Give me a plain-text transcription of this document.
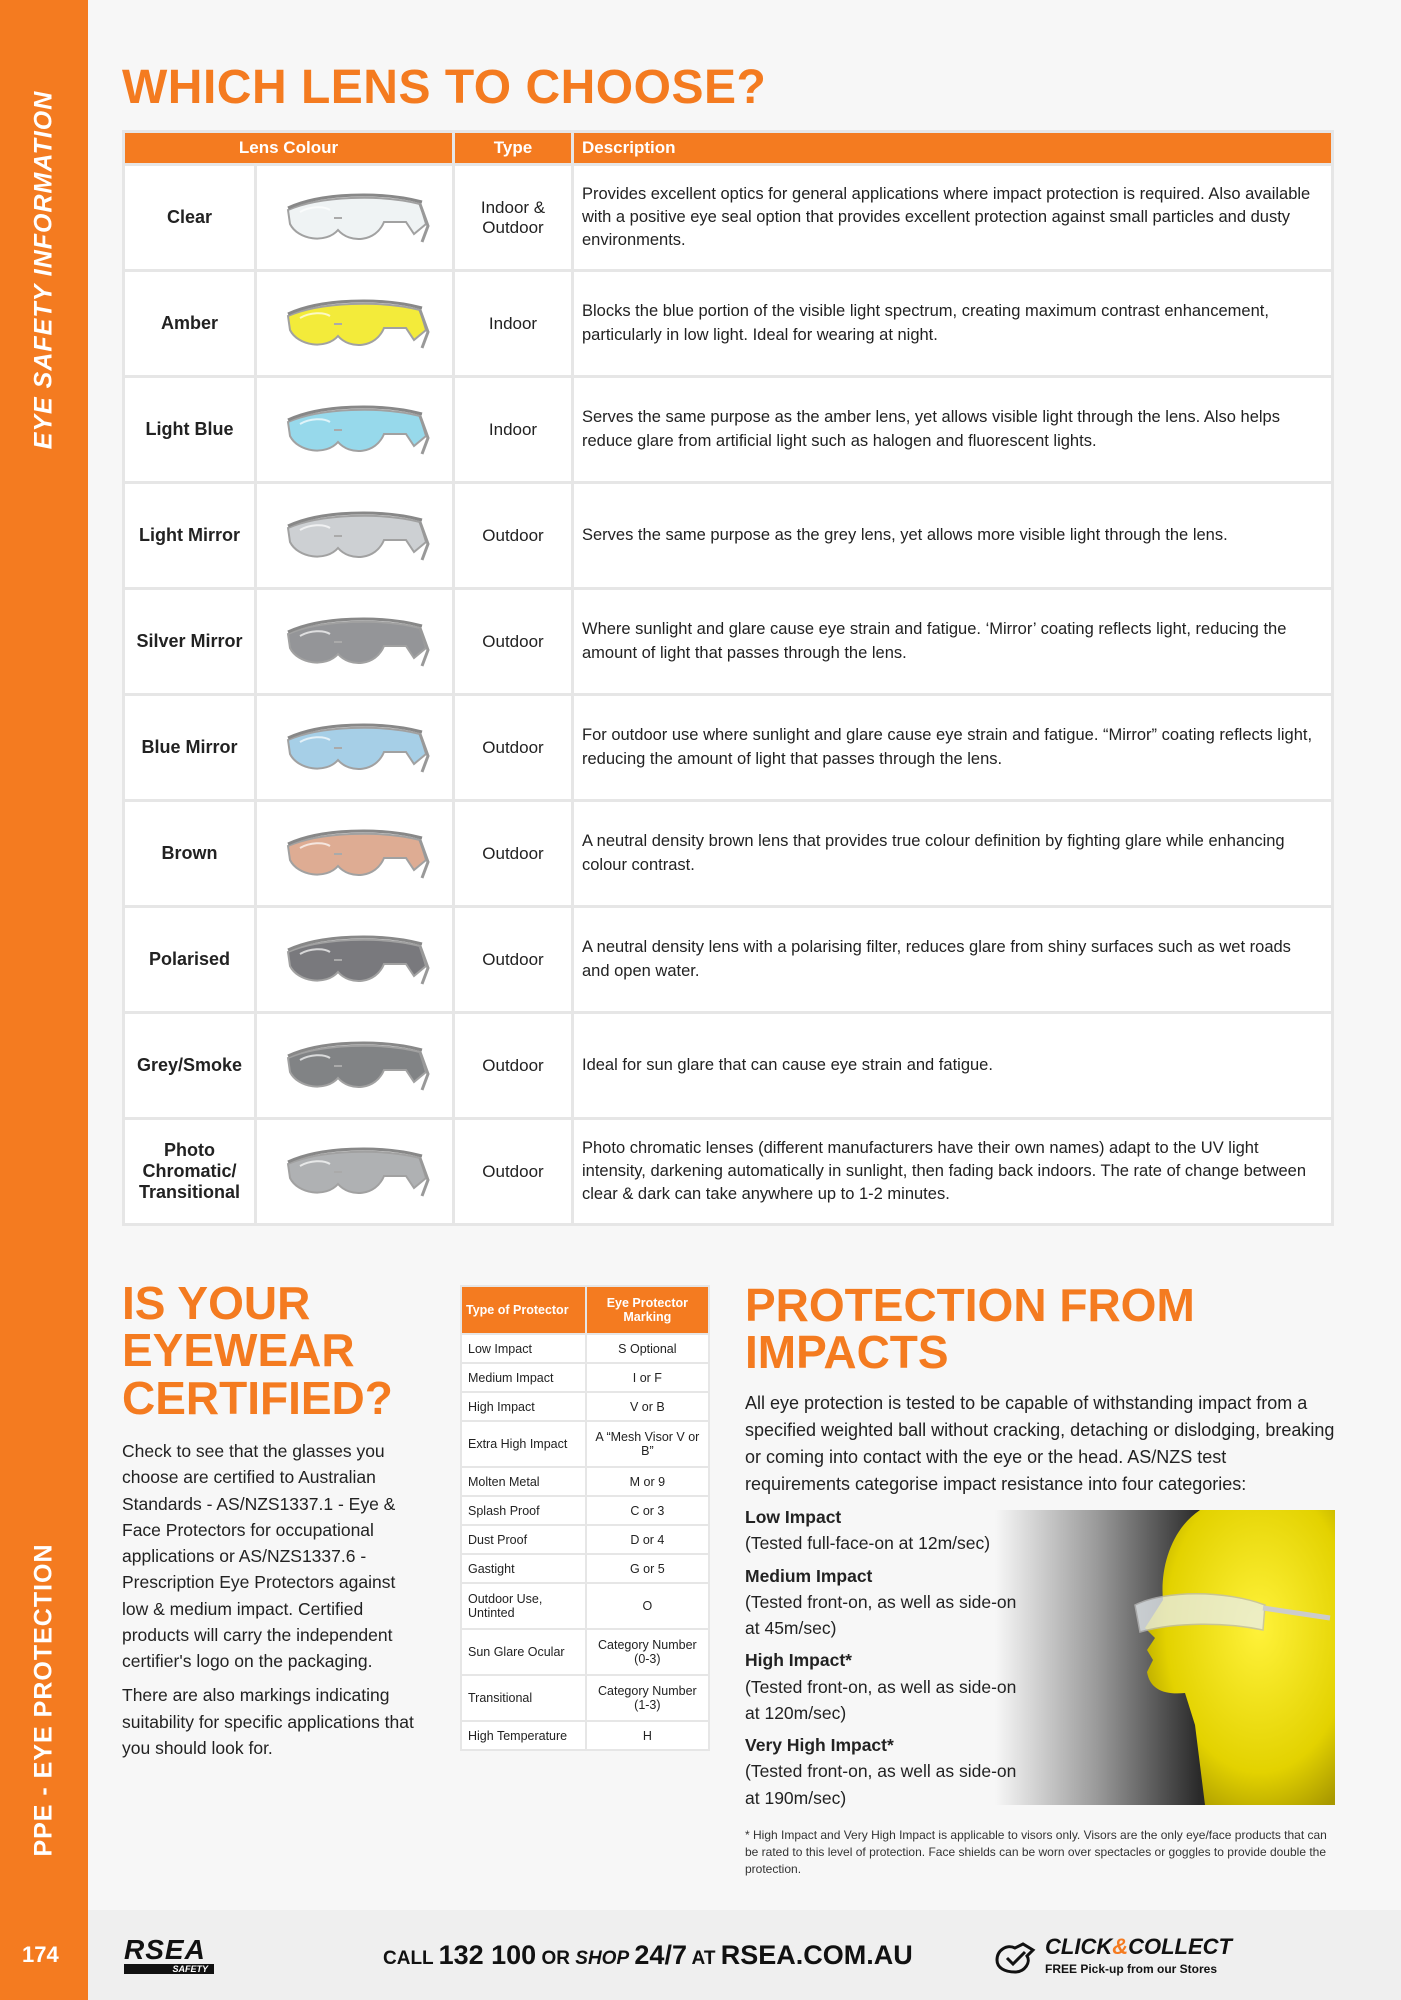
EYE SAFETY INFORMATION
PPE - EYE PROTECTION
174
WHICH LENS TO CHOOSE?
Lens Colour		Type	Description
Clear		Indoor & Outdoor	Provides excellent optics for general applications where impact protection is required. Also available with a positive eye seal option that provides excellent protection against small particles and dusty environments.
Amber		Indoor	Blocks the blue portion of the visible light spectrum, creating maximum contrast enhancement, particularly in low light. Ideal for wearing at night.
Light Blue		Indoor	Serves the same purpose as the amber lens, yet allows visible light through the lens. Also helps reduce glare from artificial light such as halogen and fluorescent lights.
Light Mirror		Outdoor	Serves the same purpose as the grey lens, yet allows more visible light through the lens.
Silver Mirror		Outdoor	Where sunlight and glare cause eye strain and fatigue. ‘Mirror’ coating reflects light, reducing the amount of light that passes through the lens.
Blue Mirror		Outdoor	For outdoor use where sunlight and glare cause eye strain and fatigue. “Mirror” coating reflects light, reducing the amount of light that passes through the lens.
Brown		Outdoor	A neutral density brown lens that provides true colour definition by fighting glare while enhancing colour contrast.
Polarised		Outdoor	A neutral density lens with a polarising filter, reduces glare from shiny surfaces such as wet roads and open water.
Grey/Smoke		Outdoor	Ideal for sun glare that can cause eye strain and fatigue.
Photo Chromatic/ Transitional		Outdoor	Photo chromatic lenses (different manufacturers have their own names) adapt to the UV light intensity, darkening automatically in sunlight, then fading back indoors. The rate of change between clear & dark can take anywhere up to 1-2 minutes.
IS YOUR
EYEWEAR
CERTIFIED?

Check to see that the glasses you choose are certified to Australian Standards - AS/NZS1337.1 - Eye & Face Protectors for occupational applications or AS/NZS1337.6 - Prescription Eye Protectors against low & medium impact. Certified products will carry the independent certifier's logo on the packaging.

There are also markings indicating suitability for specific applications that you should look for.

Type of Protector	Eye Protector Marking
Low Impact	S Optional
Medium Impact	I or F
High Impact	V or B
Extra High Impact	A “Mesh Visor V or B”
Molten Metal	M or 9
Splash Proof	C or 3
Dust Proof	D or 4
Gastight	G or 5
Outdoor Use, Untinted	O
Sun Glare Ocular	Category Number (0-3)
Transitional	Category Number (1-3)
High Temperature	H
PROTECTION FROM
IMPACTS
All eye protection is tested to be capable of withstanding impact from a specified weighted ball without cracking, detaching or dislodging, breaking or coming into contact with the eye or the head. AS/NZS test requirements categorise impact resistance into four categories:
Low Impact
(Tested full-face-on at 12m/sec)
Medium Impact
(Tested front-on, as well as side-on at 45m/sec)
High Impact*
(Tested front-on, as well as side-on at 120m/sec)
Very High Impact*
(Tested front-on, as well as side-on at 190m/sec)
* High Impact and Very High Impact is applicable to visors only. Visors are the only eye/face products that can be rated to this level of protection. Face shields can be worn over spectacles or goggles to provide double the protection.
RSEA
SAFETY	CALL 132 100 OR SHOP 24/7 AT RSEA.COM.AU	CLICK&COLLECT
FREE Pick-up from our Stores
